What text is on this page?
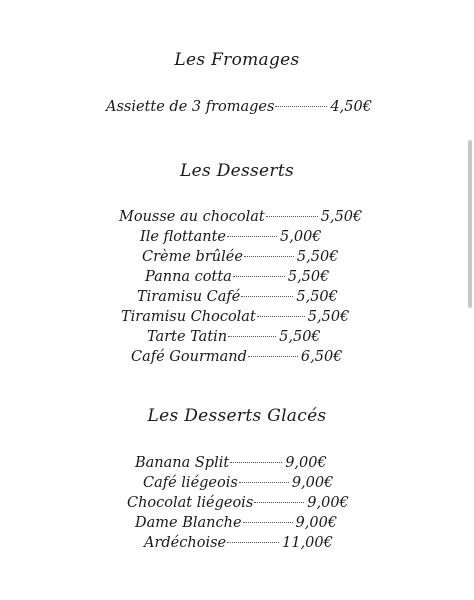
Les Fromages
Assiette de 3 fromages	4,50€
Les Desserts
Mousse au chocolat	5,50€
Ile flottante	5,00€
Crème brûlée	5,50€
Panna cotta	5,50€
Tiramisu Café	5,50€
Tiramisu Chocolat	5,50€
Tarte Tatin	5,50€
Café Gourmand	6,50€
Les Desserts Glacés
Banana Split	9,00€
Café liégeois	9,00€
Chocolat liégeois	9,00€
Dame Blanche	9,00€
Ardéchoise	11,00€
